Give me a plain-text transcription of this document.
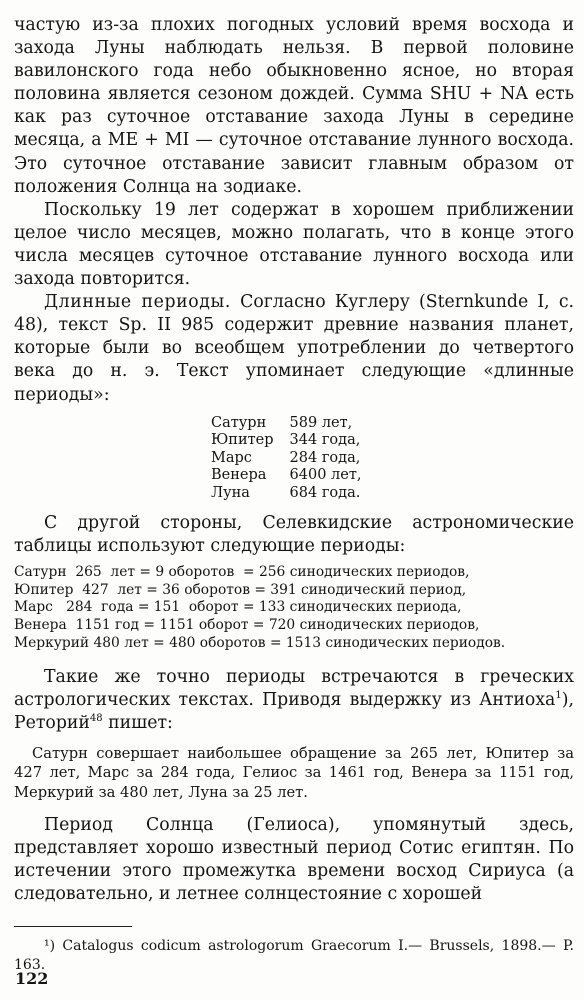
частую из-за плохих погодных условий время восхода и захода Луны наблюдать нельзя. В первой половине вавилонского года небо обыкновенно ясное, но вторая половина является сезоном дождей. Сумма SHU + NA есть как раз суточное отставание захода Луны в середине месяца, а ME + MI — суточное отставание лунного восхода. Это суточное отставание зависит главным образом от положения Солнца на зодиаке.

Поскольку 19 лет содержат в хорошем приближении целое число месяцев, можно полагать, что в конце этого числа месяцев суточное отставание лунного восхода или захода повторится.

Длинные периоды. Согласно Куглеру (Sternkunde I, с. 48), текст Sp. II 985 содержит древние названия планет, которые были во всеобщем употреблении до четвертого века до н. э. Текст упоминает следующие «длинные периоды»:

Сатурн	589 лет,
Юпитер	344 года,
Марс	284 года,
Венера	6400 лет,
Луна	684 года.

С другой стороны, Селевкидские астрономические таблицы используют следующие периоды:

Сатурн  265  лет = 9 оборотов  = 256 синодических периодов,
Юпитер  427  лет = 36 оборотов = 391 синодический период,
Марс   284  года = 151  оборот = 133 синодических периода,
Венера  1151 год = 1151 оборот = 720 синодических периодов,
Меркурий 480 лет = 480 оборотов = 1513 синодических периодов.

Такие же точно периоды встречаются в греческих астрологических текстах. Приводя выдержку из Антиоха$^1$), Реторий$^{48}$ пишет:

Сатурн совершает наибольшее обращение за 265 лет, Юпитер за 427 лет, Марс за 284 года, Гелиос за 1461 год, Венера за 1151 год, Меркурий за 480 лет, Луна за 25 лет.

Период Солнца (Гелиоса), упомянутый здесь, представляет хорошо известный период Сотис египтян. По истечении этого промежутка времени восход Сириуса (а следовательно, и летнее солнцестояние с хорошей

¹) Catalogus codicum astrologorum Graecorum I.— Brussels, 1898.— P. 163.

122
